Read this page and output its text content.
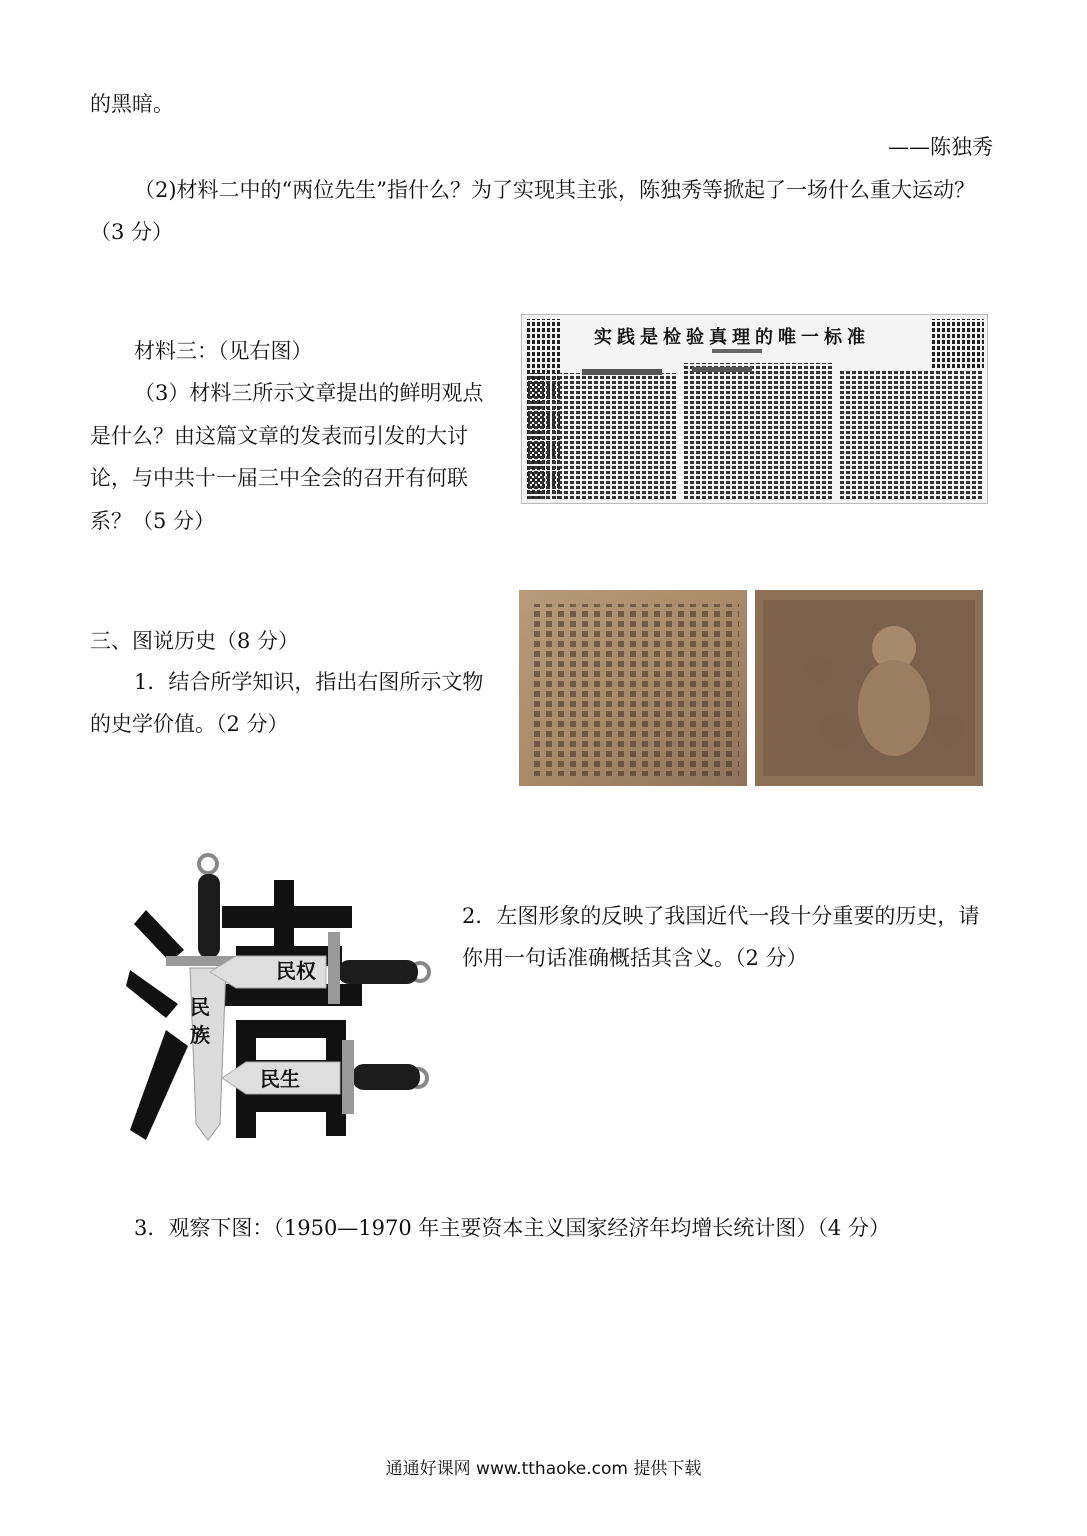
的黑暗。
——陈独秀
（2)材料二中的“两位先生”指什么？为了实现其主张，陈独秀等掀起了一场什么重大运动？
（3 分）
材料三：（见右图）
（3）材料三所示文章提出的鲜明观点
是什么？由这篇文章的发表而引发的大讨
论，与中共十一届三中全会的召开有何联
系？（5 分）
实践是检验真理的唯一标准
三、图说历史（8 分）
1．结合所学知识，指出右图所示文物
的史学价值。（2 分）
民权
民生
民族
2．左图形象的反映了我国近代一段十分重要的历史，请
你用一句话准确概括其含义。（2 分）
3．观察下图：（1950—1970 年主要资本主义国家经济年均增长统计图）（4 分）
通通好课网 www.tthaoke.com 提供下载
